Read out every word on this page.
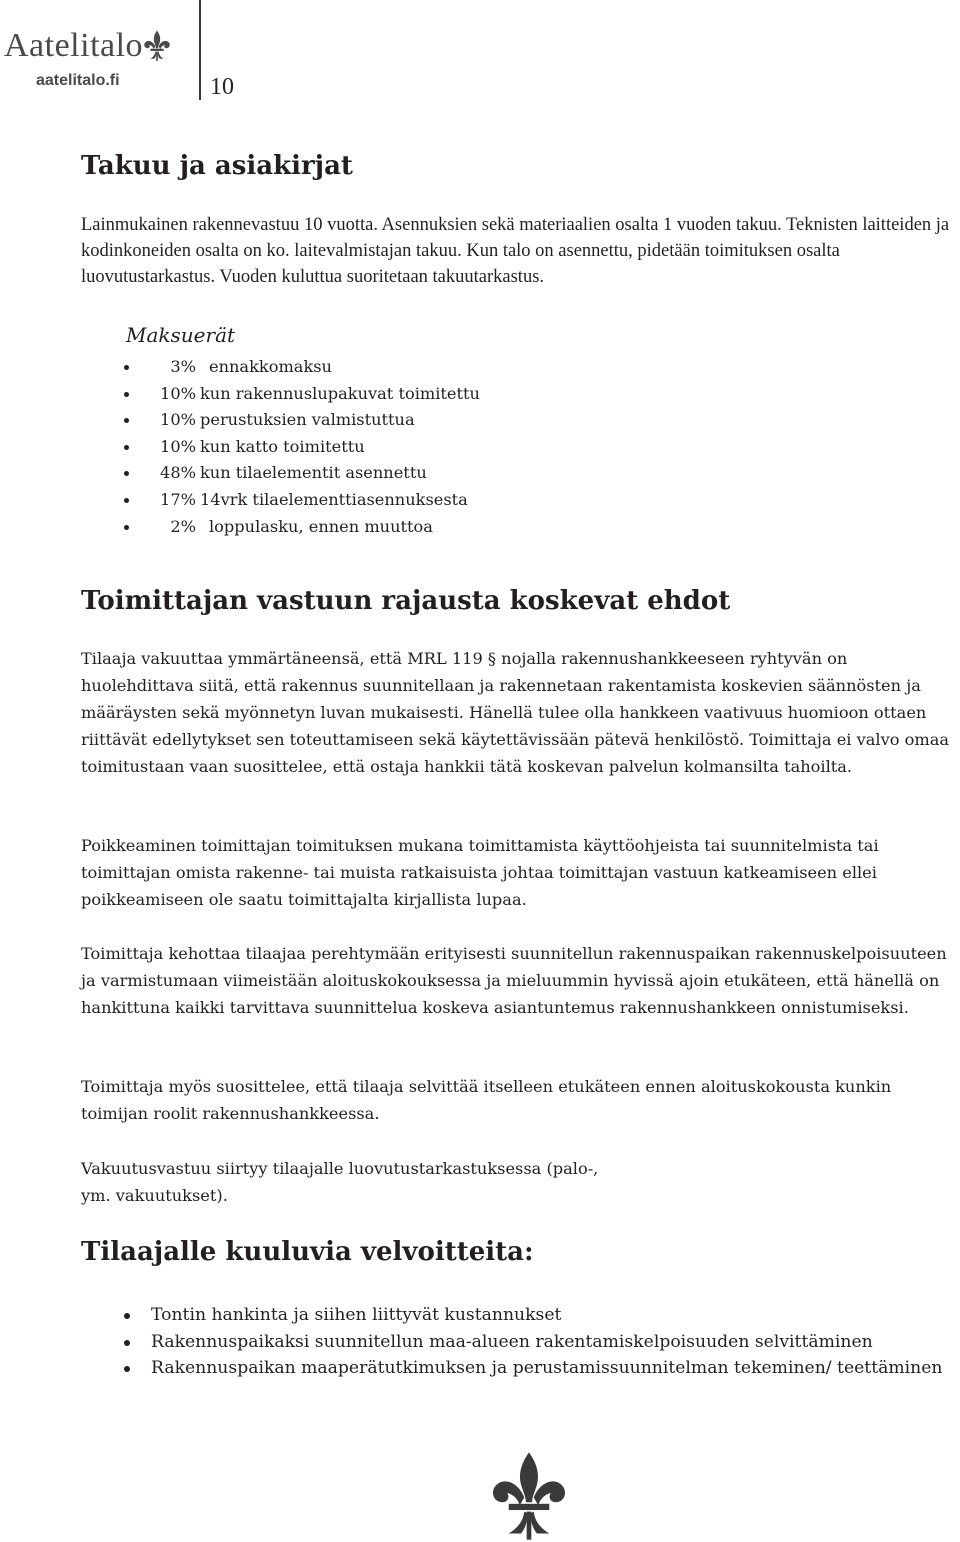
Aatelitalo
aatelitalo.fi	10
Takuu ja asiakirjat

Lainmukainen rakennevastuu 10 vuotta. Asennuksien sekä materiaalien osalta 1 vuoden takuu. Teknisten laitteiden ja kodinkoneiden osalta on ko. laitevalmistajan takuu. Kun talo on asennettu, pidetään toimituksen osalta luovutustarkastus. Vuoden kuluttua suoritetaan takuutarkastus.

Maksuerät
3% ennakkomaksu
10% kun rakennuslupakuvat toimitettu
10% perustuksien valmistuttua
10% kun katto toimitettu
48% kun tilaelementit asennettu
17% 14vrk tilaelementtiasennuksesta
2% loppulasku, ennen muuttoa
Toimittajan vastuun rajausta koskevat ehdot

Tilaaja vakuuttaa ymmärtäneensä, että MRL 119 § nojalla rakennushankkeeseen ryhtyvän on huolehdittava siitä, että rakennus suunnitellaan ja rakennetaan rakentamista koskevien säännösten ja määräysten sekä myönnetyn luvan mukaisesti. Hänellä tulee olla hankkeen vaativuus huomioon ottaen riittävät edellytykset sen toteuttamiseen sekä käytettävissään pätevä henkilöstö. Toimittaja ei valvo omaa toimitustaan vaan suosittelee, että ostaja hankkii tätä koskevan palvelun kolmansilta tahoilta.

Poikkeaminen toimittajan toimituksen mukana toimittamista käyttöohjeista tai suunnitelmista tai toimittajan omista rakenne- tai muista ratkaisuista johtaa toimittajan vastuun katkeamiseen ellei poikkeamiseen ole saatu toimittajalta kirjallista lupaa.

Toimittaja kehottaa tilaajaa perehtymään erityisesti suunnitellun rakennuspaikan rakennuskelpoisuuteen ja varmistumaan viimeistään aloituskokouksessa ja mieluummin hyvissä ajoin etukäteen, että hänellä on hankittuna kaikki tarvittava suunnittelua koskeva asiantuntemus rakennushankkeen onnistumiseksi.

Toimittaja myös suosittelee, että tilaaja selvittää itselleen etukäteen ennen aloituskokousta kunkin toimijan roolit rakennushankkeessa.

Vakuutusvastuu siirtyy tilaajalle luovutustarkastuksessa (palo-, ym. vakuutukset).

Tilaajalle kuuluvia velvoitteita:
Tontin hankinta ja siihen liittyvät kustannukset
Rakennuspaikaksi suunnitellun maa-alueen rakentamiskelpoisuuden selvittäminen
Rakennuspaikan maaperätutkimuksen ja perustamissuunnitelman tekeminen/ teettäminen
